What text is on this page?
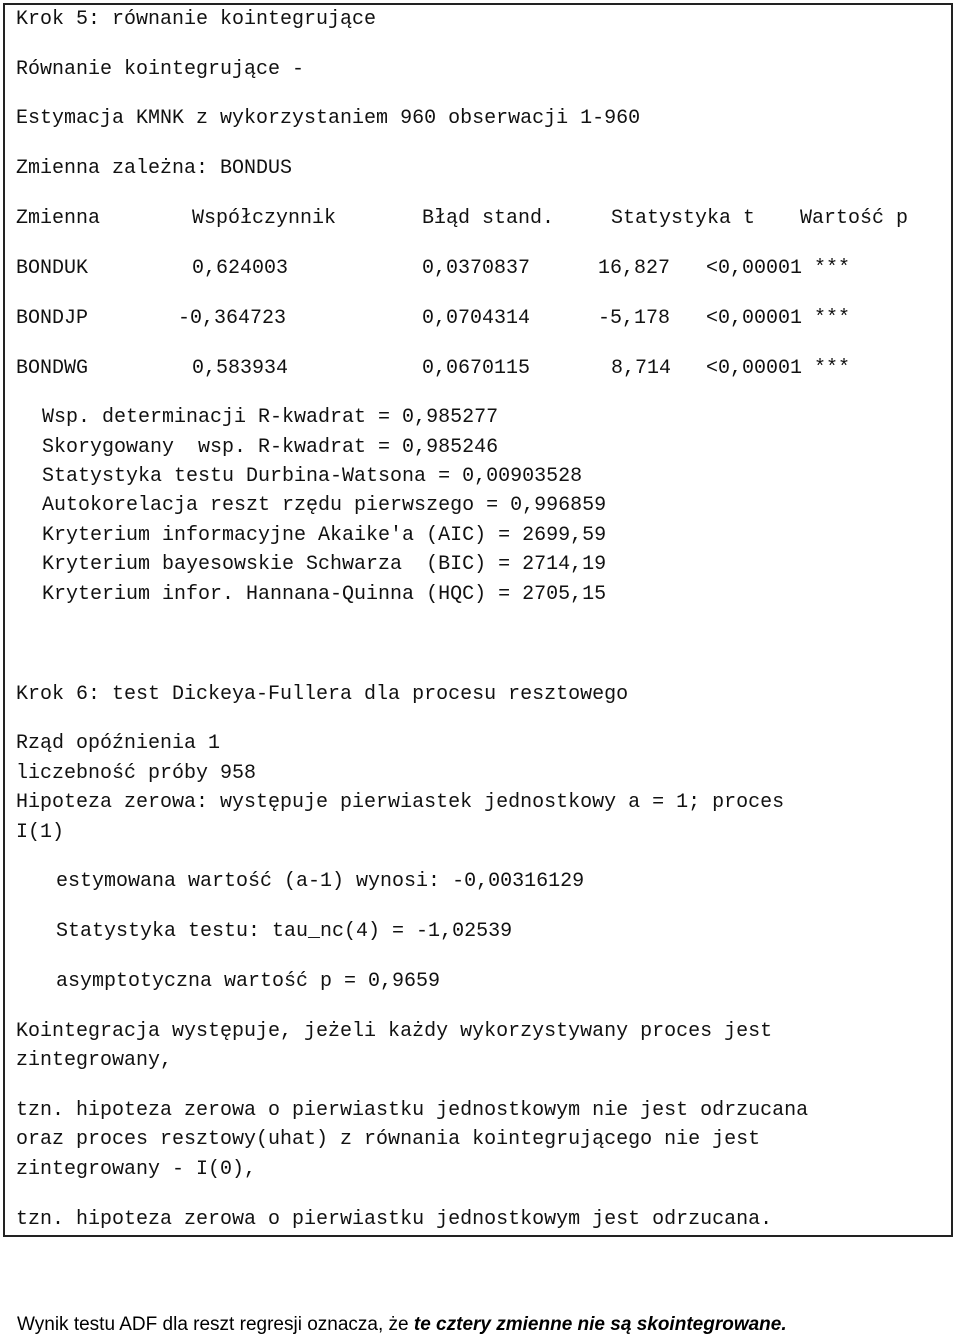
Krok 5: równanie kointegrujące
Równanie kointegrujące -
Estymacja KMNK z wykorzystaniem 960 obserwacji 1-960
Zmienna zależna: BONDUS
Zmienna	Współczynnik	Błąd stand.	Statystyka t Wartość p
BONDUK	0,624003	0,0370837	16,827 <0,00001 ***
BONDJP	-0,364723	0,0704314	-5,178 <0,00001 ***
BONDWG	0,583934	0,0670115	8,714 <0,00001 ***
Wsp. determinacji R-kwadrat = 0,985277
Skorygowany  wsp. R-kwadrat = 0,985246
Statystyka testu Durbina-Watsona = 0,00903528
Autokorelacja reszt rzędu pierwszego = 0,996859
Kryterium informacyjne Akaike'a (AIC) = 2699,59
Kryterium bayesowskie Schwarza  (BIC) = 2714,19
Kryterium infor. Hannana-Quinna (HQC) = 2705,15
Krok 6: test Dickeya-Fullera dla procesu resztowego
Rząd opóźnienia 1
liczebność próby 958
Hipoteza zerowa: występuje pierwiastek jednostkowy a = 1; proces
I(1)
estymowana wartość (a-1) wynosi: -0,00316129
Statystyka testu: tau_nc(4) = -1,02539
asymptotyczna wartość p = 0,9659
Kointegracja występuje, jeżeli każdy wykorzystywany proces jest
zintegrowany,
tzn. hipoteza zerowa o pierwiastku jednostkowym nie jest odrzucana
oraz proces resztowy(uhat) z równania kointegrującego nie jest
zintegrowany - I(0),
tzn. hipoteza zerowa o pierwiastku jednostkowym jest odrzucana.
Wynik testu ADF dla reszt regresji oznacza, że te cztery zmienne nie są skointegrowane.
